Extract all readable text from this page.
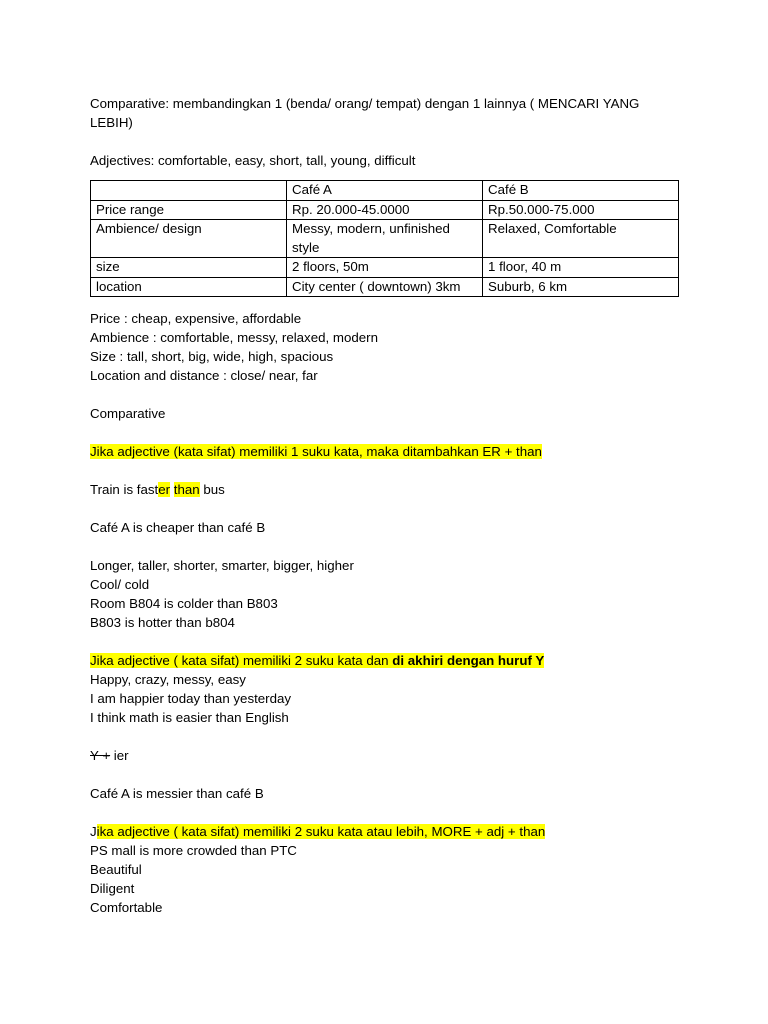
Comparative: membandingkan 1 (benda/ orang/ tempat) dengan 1 lainnya ( MENCARI YANG

LEBIH)

Adjectives: comfortable, easy, short, tall, young, difficult

	Café A	Café B
Price range	Rp. 20.000-45.0000	Rp.50.000-75.000
Ambience/ design	Messy, modern, unfinished style	Relaxed, Comfortable
size	2 floors, 50m	1 floor, 40 m
location	City center ( downtown) 3km	Suburb, 6 km

Price : cheap, expensive, affordable

Ambience : comfortable, messy, relaxed, modern

Size : tall, short, big, wide, high, spacious

Location and distance : close/ near, far

Comparative

Jika adjective (kata sifat) memiliki 1 suku kata, maka ditambahkan ER + than

Train is faster than bus

Café A is cheaper than café B

Longer, taller, shorter, smarter, bigger, higher

Cool/ cold

Room B804 is colder than B803

B803 is hotter than b804

Jika adjective ( kata sifat) memiliki 2 suku kata dan di akhiri dengan huruf Y

Happy, crazy, messy, easy

I am happier today than yesterday

I think math is easier than English

Y + ier

Café A is messier than café B

Jika adjective ( kata sifat) memiliki 2 suku kata atau lebih, MORE + adj + than

PS mall is more crowded than PTC

Beautiful

Diligent

Comfortable
